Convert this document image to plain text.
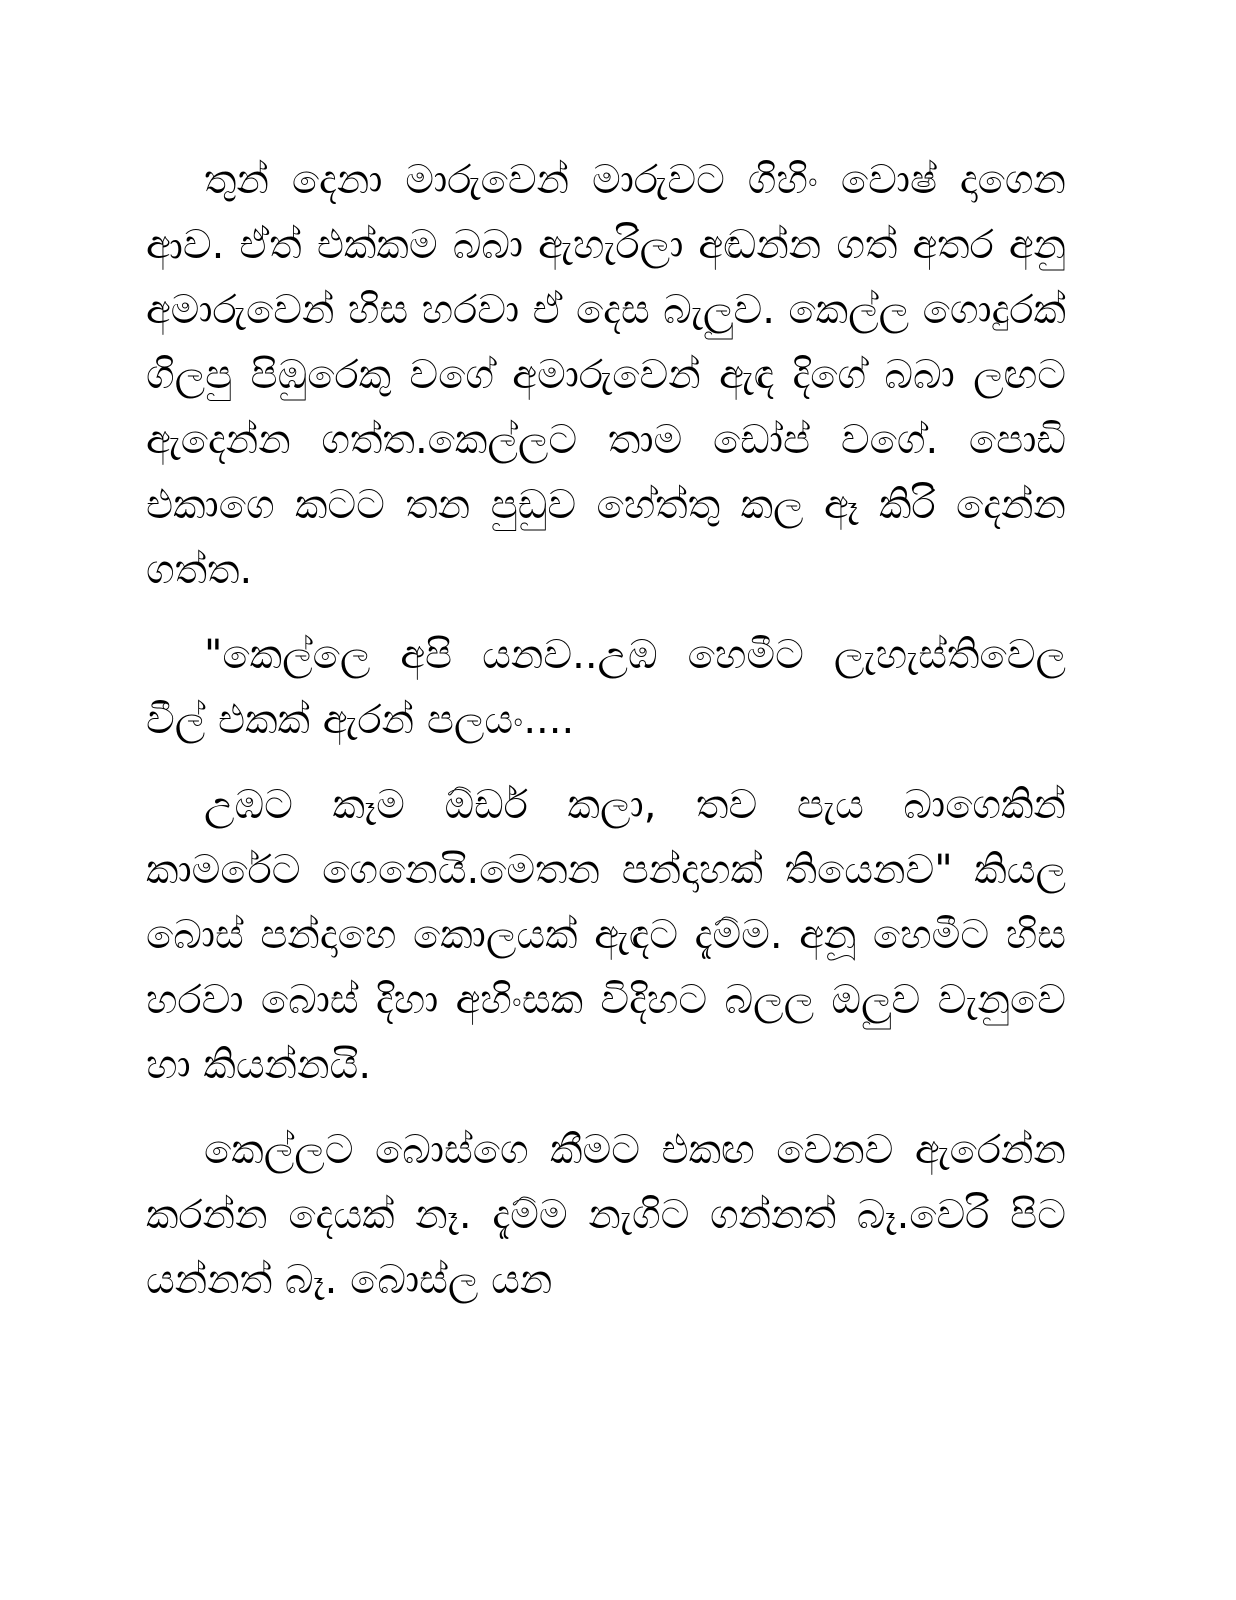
තුන් දෙනා මාරුවෙන් මාරුවට ගිහිං වොෂ් දාගෙන ආව. ඒත් එක්කම බබා ඇහැරිලා අඬන්න ගත් අතර අනු අමාරුවෙන් හිස හරවා ඒ දෙස බැලුව. කෙල්ල ගොදුරක් ගිලපු පිඹුරෙකු වගේ අමාරුවෙන් ඇඳ දිගේ බබා ලඟට ඇදෙන්න ගත්ත.කෙල්ලට තාම ඩෝප් වගේ. පොඩි එකාගෙ කටට තන පුඩුව හේත්තු කල ඈ කිරි දෙන්න ගත්ත.

"කෙල්ලෙ අපි යනව..උඹ හෙමීට ලැහැස්තිවෙල වීල් එකක් ඇරන් පලයං....

උඹට කෑම ඕඩර් කලා, තව පැය බාගෙකින් කාමරේට ගෙනෙයි.මෙතන පන්දාහක් තියෙනව" කියල බොස් පන්දාහෙ කොලයක් ඇඳට දැම්ම. අනූ හෙමීට හිස හරවා බොස් දිහා අහිංසක විදිහට බලල ඔලුව වැනුවෙ හා කියන්නයි.

කෙල්ලට බොස්ගෙ කීමට එකඟ වෙනව ඇරෙන්න කරන්න දෙයක් නෑ. දැම්ම නැගිට ගන්නත් බෑ.වෙරි පිට යන්නත් බෑ. බොස්ල යන
